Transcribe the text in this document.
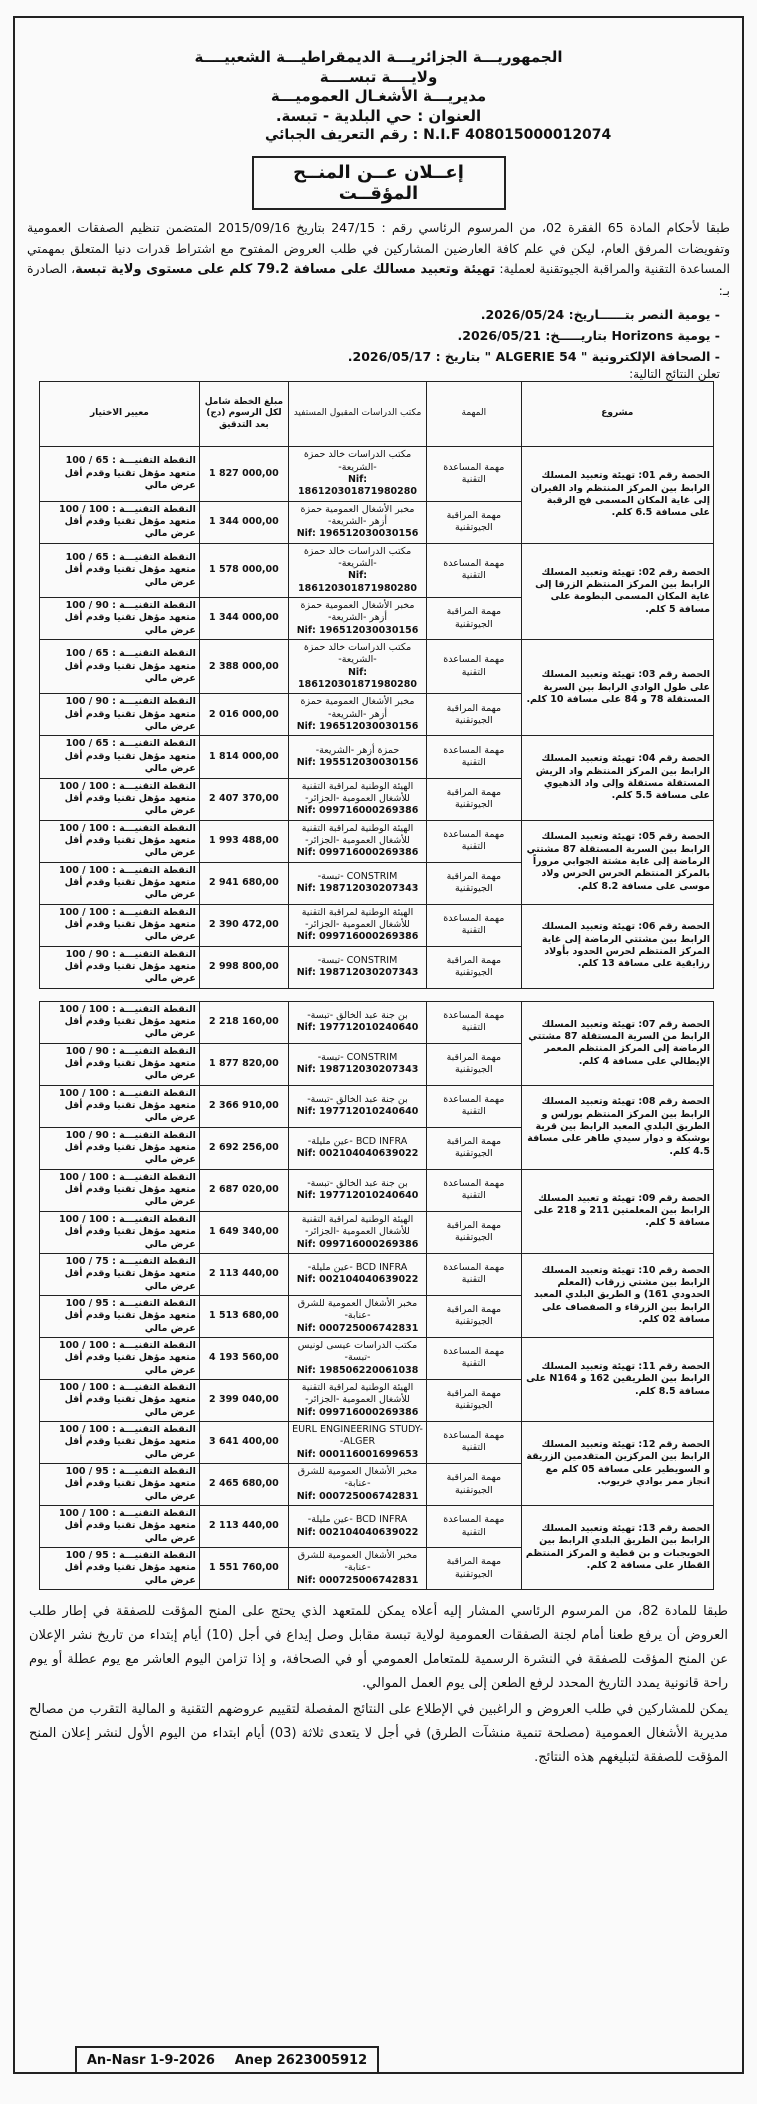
الجمهوريـــة الجزائريـــة الديمقراطيـــة الشعبيــــة
ولايــــة تبســــة
مديريـــة الأشغـال العموميـــة
العنوان : حي البلدية - تبسة.
رقم التعريف الجبائي : N.I.F 408015000012074
إعــلان عــن المنــح المؤقــت
طبقا لأحكام المادة 65 الفقرة 02، من المرسوم الرئاسي رقم : 247/15 بتاريخ 2015/09/16 المتضمن تنظيم الصفقات العمومية وتفويضات المرفق العام، ليكن في علم كافة العارضين المشاركين في طلب العروض المفتوح مع اشتراط قدرات دنيا المتعلق بمهمتي المساعدة التقنية والمراقبة الجيوتقنية لعملية: تهيئة وتعبيد مسالك على مسافة 79.2 كلم على مستوى ولاية تبسة، الصادرة بـ:
- يومية النصر بتــــــاريخ: 2026/05/24.
- يومية Horizons بتاريـــــخ: 2026/05/21.
- الصحافة الإلكترونية " ALGERIE 54 " بتاريخ : 2026/05/17.
تعلن النتائج التالية:
مشروع	المهمة	مكتب الدراسات المقبول المستفيد	مبلغ الخطة شامل لكل الرسوم (دج) بعد التدقيق	معيير الاختيار
الحصة رقم 01: تهيئة وتعبيد المسلك الرابط بين المركز المنتظم واد الفيران إلى غاية المكان المسمى فج الرقبة على مسافة 6.5 كلم.	مهمة المساعدة التقنية	مكتب الدراسات خالد حمزة -الشريعة-
Nif: 186120301871980280	1 827 000,00	النقطة التقنيـــة : 65 / 100 متعهد مؤهل تقنيا وقدم أقل عرض مالي
	مهمة المراقبة الجيوتقنية	مخبر الأشغال العمومية حمزة أزهر -الشريعة-
Nif: 196512030030156	1 344 000,00	النقطة التقنيـــة : 100 / 100 متعهد مؤهل تقنيا وقدم أقل عرض مالي
الحصة رقم 02: تهيئة وتعبيد المسلك الرابط بين المركز المنتظم الزرقا إلى غاية المكان المسمى البطومة على مسافة 5 كلم.	مهمة المساعدة التقنية	مكتب الدراسات خالد حمزة -الشريعة-
Nif: 186120301871980280	1 578 000,00	النقطة التقنيـــة : 65 / 100 متعهد مؤهل تقنيا وقدم أقل عرض مالي
	مهمة المراقبة الجيوتقنية	مخبر الأشغال العمومية حمزة أزهر -الشريعة-
Nif: 196512030030156	1 344 000,00	النقطة التقنيـــة : 90 / 100 متعهد مؤهل تقنيا وقدم أقل عرض مالي
الحصة رقم 03: تهيئة وتعبيد المسلك على طول الوادي الرابط بين السرية المستقلة 78 و 84 على مسافة 10 كلم.	مهمة المساعدة التقنية	مكتب الدراسات خالد حمزة -الشريعة-
Nif: 186120301871980280	2 388 000,00	النقطة التقنيـــة : 65 / 100 متعهد مؤهل تقنيا وقدم أقل عرض مالي
	مهمة المراقبة الجيوتقنية	مخبر الأشغال العمومية حمزة أزهر -الشريعة-
Nif: 196512030030156	2 016 000,00	النقطة التقنيـــة : 90 / 100 متعهد مؤهل تقنيا وقدم أقل عرض مالي
الحصة رقم 04: تهيئة وتعبيد المسلك الرابط بين المركز المنتظم واد الريش المستقلة مستقلة وإلى واد الذهيوي على مسافة 5.5 كلم.	مهمة المساعدة التقنية	حمزة أزهر -الشريعة-
Nif: 195512030030156	1 814 000,00	النقطة التقنيـــة : 65 / 100 متعهد مؤهل تقنيا وقدم أقل عرض مالي
	مهمة المراقبة الجيوتقنية	الهيئة الوطنية لمراقبة التقنية للأشغال العمومية -الجزائر-
Nif: 099716000269386	2 407 370,00	النقطة التقنيـــة : 100 / 100 متعهد مؤهل تقنيا وقدم أقل عرض مالي
الحصة رقم 05: تهيئة وتعبيد المسلك الرابط بين السرية المستقلة 87 مشتتي الرماضة إلى غاية مشتة الجوابي مروراً بالمركز المنتظم الحرس الحرس ولاد موسى على مسافة 8.2 كلم.	مهمة المساعدة التقنية	الهيئة الوطنية لمراقبة التقنية للأشغال العمومية -الجزائر-
Nif: 099716000269386	1 993 488,00	النقطة التقنيـــة : 100 / 100 متعهد مؤهل تقنيا وقدم أقل عرض مالي
	مهمة المراقبة الجيوتقنية	CONSTRIM -تبسة-
Nif: 198712030207343	2 941 680,00	النقطة التقنيـــة : 100 / 100 متعهد مؤهل تقنيا وقدم أقل عرض مالي
الحصة رقم 06: تهيئة وتعبيد المسلك الرابط بين مشتتي الرماضة إلى غاية المركز المنتظم لحرس الحدود بأولاد رزايقية على مسافة 13 كلم.	مهمة المساعدة التقنية	الهيئة الوطنية لمراقبة التقنية للأشغال العمومية -الجزائر-
Nif: 099716000269386	2 390 472,00	النقطة التقنيـــة : 100 / 100 متعهد مؤهل تقنيا وقدم أقل عرض مالي
	مهمة المراقبة الجيوتقنية	CONSTRIM -تبسة-
Nif: 198712030207343	2 998 800,00	النقطة التقنيـــة : 90 / 100 متعهد مؤهل تقنيا وقدم أقل عرض مالي

الحصة رقم 07: تهيئة وتعبيد المسلك الرابط من السرية المستقلة 87 مشتتي الرماضة إلى المركز المنتظم المعمر الإيطالي على مسافة 4 كلم.	مهمة المساعدة التقنية	بن جنة عبد الخالق -تبسة-
Nif: 197712010240640	2 218 160,00	النقطة التقنيـــة : 100 / 100 متعهد مؤهل تقنيا وقدم أقل عرض مالي
	مهمة المراقبة الجيوتقنية	CONSTRIM -تبسة-
Nif: 198712030207343	1 877 820,00	النقطة التقنيـــة : 90 / 100 متعهد مؤهل تقنيا وقدم أقل عرض مالي
الحصة رقم 08: تهيئة وتعبيد المسلك الرابط بين المركز المنتظم بورلس و الطريق البلدي المعبد الرابط بين قرية بوشبكة و دوار سيدي طاهر على مسافة 4.5 كلم.	مهمة المساعدة التقنية	بن جنة عبد الخالق -تبسة-
Nif: 197712010240640	2 366 910,00	النقطة التقنيـــة : 100 / 100 متعهد مؤهل تقنيا وقدم أقل عرض مالي
	مهمة المراقبة الجيوتقنية	BCD INFRA -عين مليلة-
Nif: 002104040639022	2 692 256,00	النقطة التقنيـــة : 90 / 100 متعهد مؤهل تقنيا وقدم أقل عرض مالي
الحصة رقم 09: تهيئة و تعبيد المسلك الرابط بين المعلمتين 211 و 218 على مسافة 5 كلم.	مهمة المساعدة التقنية	بن جنة عبد الخالق -تبسة-
Nif: 197712010240640	2 687 020,00	النقطة التقنيـــة : 100 / 100 متعهد مؤهل تقنيا وقدم أقل عرض مالي
	مهمة المراقبة الجيوتقنية	الهيئة الوطنية لمراقبة التقنية للأشغال العمومية -الجزائر-
Nif: 099716000269386	1 649 340,00	النقطة التقنيـــة : 100 / 100 متعهد مؤهل تقنيا وقدم أقل عرض مالي
الحصة رقم 10: تهيئة وتعبيد المسلك الرابط بين مشتي زرقاب (المعلم الحدودي 161) و الطريق البلدي المعبد الرابط بين الزرقاء و الصفصاف على مسافة 02 كلم.	مهمة المساعدة التقنية	BCD INFRA -عين مليلة-
Nif: 002104040639022	2 113 440,00	النقطة التقنيـــة : 75 / 100 متعهد مؤهل تقنيا وقدم أقل عرض مالي
	مهمة المراقبة الجيوتقنية	مخبر الأشغال العمومية للشرق -عنابة-
Nif: 000725006742831	1 513 680,00	النقطة التقنيـــة : 95 / 100 متعهد مؤهل تقنيا وقدم أقل عرض مالي
الحصة رقم 11: تهيئة وتعبيد المسلك الرابط بين الطريقين 162 و N164 على مسافة 8.5 كلم.	مهمة المساعدة التقنية	مكتب الدراسات عيسى لونيس -تبسة-
Nif: 198506220061038	4 193 560,00	النقطة التقنيـــة : 100 / 100 متعهد مؤهل تقنيا وقدم أقل عرض مالي
	مهمة المراقبة الجيوتقنية	الهيئة الوطنية لمراقبة التقنية للأشغال العمومية -الجزائر-
Nif: 099716000269386	2 399 040,00	النقطة التقنيـــة : 100 / 100 متعهد مؤهل تقنيا وقدم أقل عرض مالي
الحصة رقم 12: تهيئة وتعبيد المسلك الرابط بين المركزين المتقدمين الزريقة و السويطير على مسافة 05 كلم مع انجاز ممر بوادي خريوب.	مهمة المساعدة التقنية	EURL ENGINEERING STUDY-ALGER-
Nif: 000116001699653	3 641 400,00	النقطة التقنيـــة : 100 / 100 متعهد مؤهل تقنيا وقدم أقل عرض مالي
	مهمة المراقبة الجيوتقنية	مخبر الأشغال العمومية للشرق -عنابة-
Nif: 000725006742831	2 465 680,00	النقطة التقنيـــة : 95 / 100 متعهد مؤهل تقنيا وقدم أقل عرض مالي
الحصة رقم 13: تهيئة وتعبيد المسلك الرابط بين الطريق البلدي الرابط بين الحويجبات و بن قطية و المركز المنتظم القطار على مسافة 2 كلم.	مهمة المساعدة التقنية	BCD INFRA -عين مليلة-
Nif: 002104040639022	2 113 440,00	النقطة التقنيـــة : 100 / 100 متعهد مؤهل تقنيا وقدم أقل عرض مالي
	مهمة المراقبة الجيوتقنية	مخبر الأشغال العمومية للشرق -عنابة-
Nif: 000725006742831	1 551 760,00	النقطة التقنيـــة : 95 / 100 متعهد مؤهل تقنيا وقدم أقل عرض مالي

طبقا للمادة 82، من المرسوم الرئاسي المشار إليه أعلاه يمكن للمتعهد الذي يحتج على المنح المؤقت للصفقة في إطار طلب العروض أن يرفع طعنا أمام لجنة الصفقات العمومية لولاية تبسة مقابل وصل إيداع في أجل (10) أيام إبتداء من تاريخ نشر الإعلان عن المنح المؤقت للصفقة في النشرة الرسمية للمتعامل العمومي أو في الصحافة، و إذا تزامن اليوم العاشر مع يوم عطلة أو يوم راحة قانونية يمدد التاريخ المحدد لرفع الطعن إلى يوم العمل الموالي.

يمكن للمشاركين في طلب العروض و الراغبين في الإطلاع على النتائج المفصلة لتقييم عروضهم التقنية و المالية التقرب من مصالح مديرية الأشغال العمومية (مصلحة تنمية منشآت الطرق) في أجل لا يتعدى ثلاثة (03) أيام ابتداء من اليوم الأول لنشر إعلان المنح المؤقت للصفقة لتبليغهم هذه النتائج.

An-Nasr 1-9-2026 Anep 2623005912
